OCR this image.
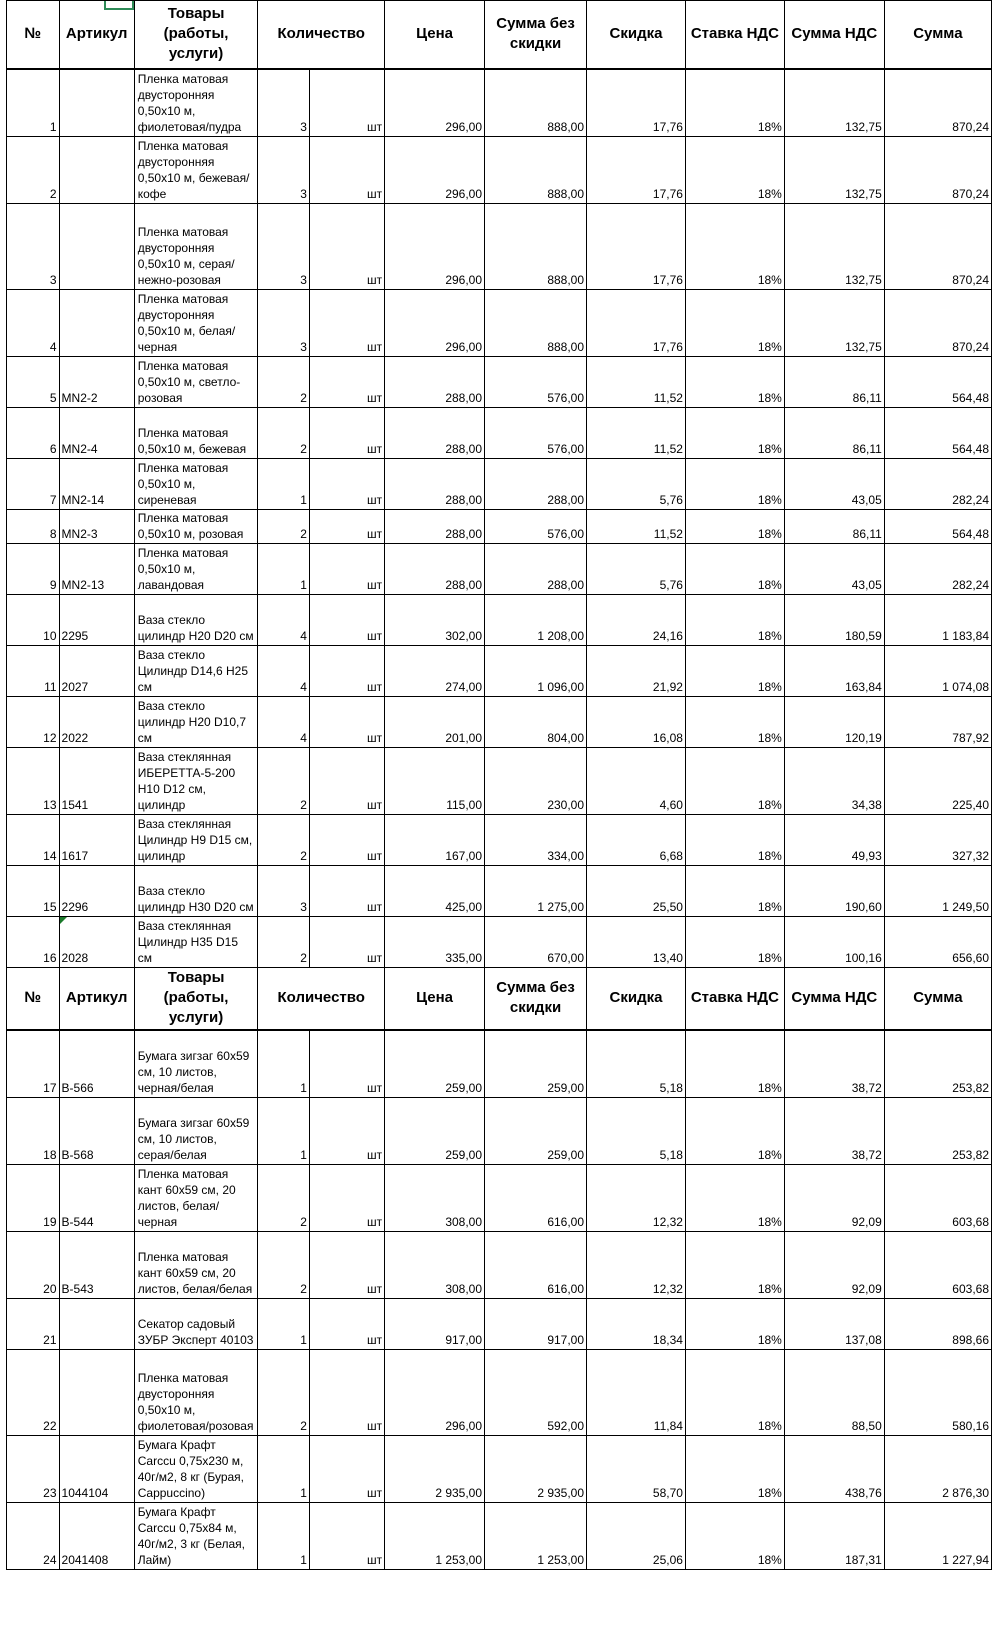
№	Артикул	Товары (работы, услуги)	Количество		Цена	Сумма без скидки	Скидка	Ставка НДС	Сумма НДС	Сумма
1		Пленка матовая двусторонняя 0,50х10 м, фиолетовая/пудра	3	шт	296,00	888,00	17,76	18%	132,75	870,24
2		Пленка матовая двусторонняя 0,50х10 м, бежевая/кофе	3	шт	296,00	888,00	17,76	18%	132,75	870,24
3		Пленка матовая двусторонняя 0,50х10 м, серая/нежно-розовая	3	шт	296,00	888,00	17,76	18%	132,75	870,24
4		Пленка матовая двусторонняя 0,50х10 м, белая/черная	3	шт	296,00	888,00	17,76	18%	132,75	870,24
5	MN2-2	Пленка матовая 0,50х10 м, светло-розовая	2	шт	288,00	576,00	11,52	18%	86,11	564,48
6	MN2-4	Пленка матовая 0,50х10 м, бежевая	2	шт	288,00	576,00	11,52	18%	86,11	564,48
7	MN2-14	Пленка матовая 0,50х10 м, сиреневая	1	шт	288,00	288,00	5,76	18%	43,05	282,24
8	MN2-3	Пленка матовая 0,50х10 м, розовая	2	шт	288,00	576,00	11,52	18%	86,11	564,48
9	MN2-13	Пленка матовая 0,50х10 м, лавандовая	1	шт	288,00	288,00	5,76	18%	43,05	282,24
10	2295	Ваза стекло цилиндр H20 D20 см	4	шт	302,00	1 208,00	24,16	18%	180,59	1 183,84
11	2027	Ваза стекло Цилиндр D14,6 H25 см	4	шт	274,00	1 096,00	21,92	18%	163,84	1 074,08
12	2022	Ваза стекло цилиндр H20 D10,7 см	4	шт	201,00	804,00	16,08	18%	120,19	787,92
13	1541	Ваза стеклянная ИБЕРЕТТА-5-200 H10 D12 см, цилиндр	2	шт	115,00	230,00	4,60	18%	34,38	225,40
14	1617	Ваза стеклянная Цилиндр H9 D15 см, цилиндр	2	шт	167,00	334,00	6,68	18%	49,93	327,32
15	2296	Ваза стекло цилиндр H30 D20 см	3	шт	425,00	1 275,00	25,50	18%	190,60	1 249,50
16	2028	Ваза стеклянная Цилиндр H35 D15 см	2	шт	335,00	670,00	13,40	18%	100,16	656,60
№	Артикул	Товары (работы, услуги)	Количество		Цена	Сумма без скидки	Скидка	Ставка НДС	Сумма НДС	Сумма
17	B-566	Бумага зигзаг 60х59 см, 10 листов, черная/белая	1	шт	259,00	259,00	5,18	18%	38,72	253,82
18	B-568	Бумага зигзаг 60х59 см, 10 листов, серая/белая	1	шт	259,00	259,00	5,18	18%	38,72	253,82
19	B-544	Пленка матовая кант 60х59 см, 20 листов, белая/черная	2	шт	308,00	616,00	12,32	18%	92,09	603,68
20	B-543	Пленка матовая кант 60х59 см, 20 листов, белая/белая	2	шт	308,00	616,00	12,32	18%	92,09	603,68
21		Секатор садовый ЗУБР Эксперт 40103	1	шт	917,00	917,00	18,34	18%	137,08	898,66
22		Пленка матовая двусторонняя 0,50х10 м, фиолетовая/розовая	2	шт	296,00	592,00	11,84	18%	88,50	580,16
23	1044104	Бумага Крафт Carccu 0,75х230 м, 40г/м2, 8 кг (Бурая, Cappuccino)	1	шт	2 935,00	2 935,00	58,70	18%	438,76	2 876,30
24	2041408	Бумага Крафт Carccu 0,75х84 м, 40г/м2, 3 кг (Белая, Лайм)	1	шт	1 253,00	1 253,00	25,06	18%	187,31	1 227,94
